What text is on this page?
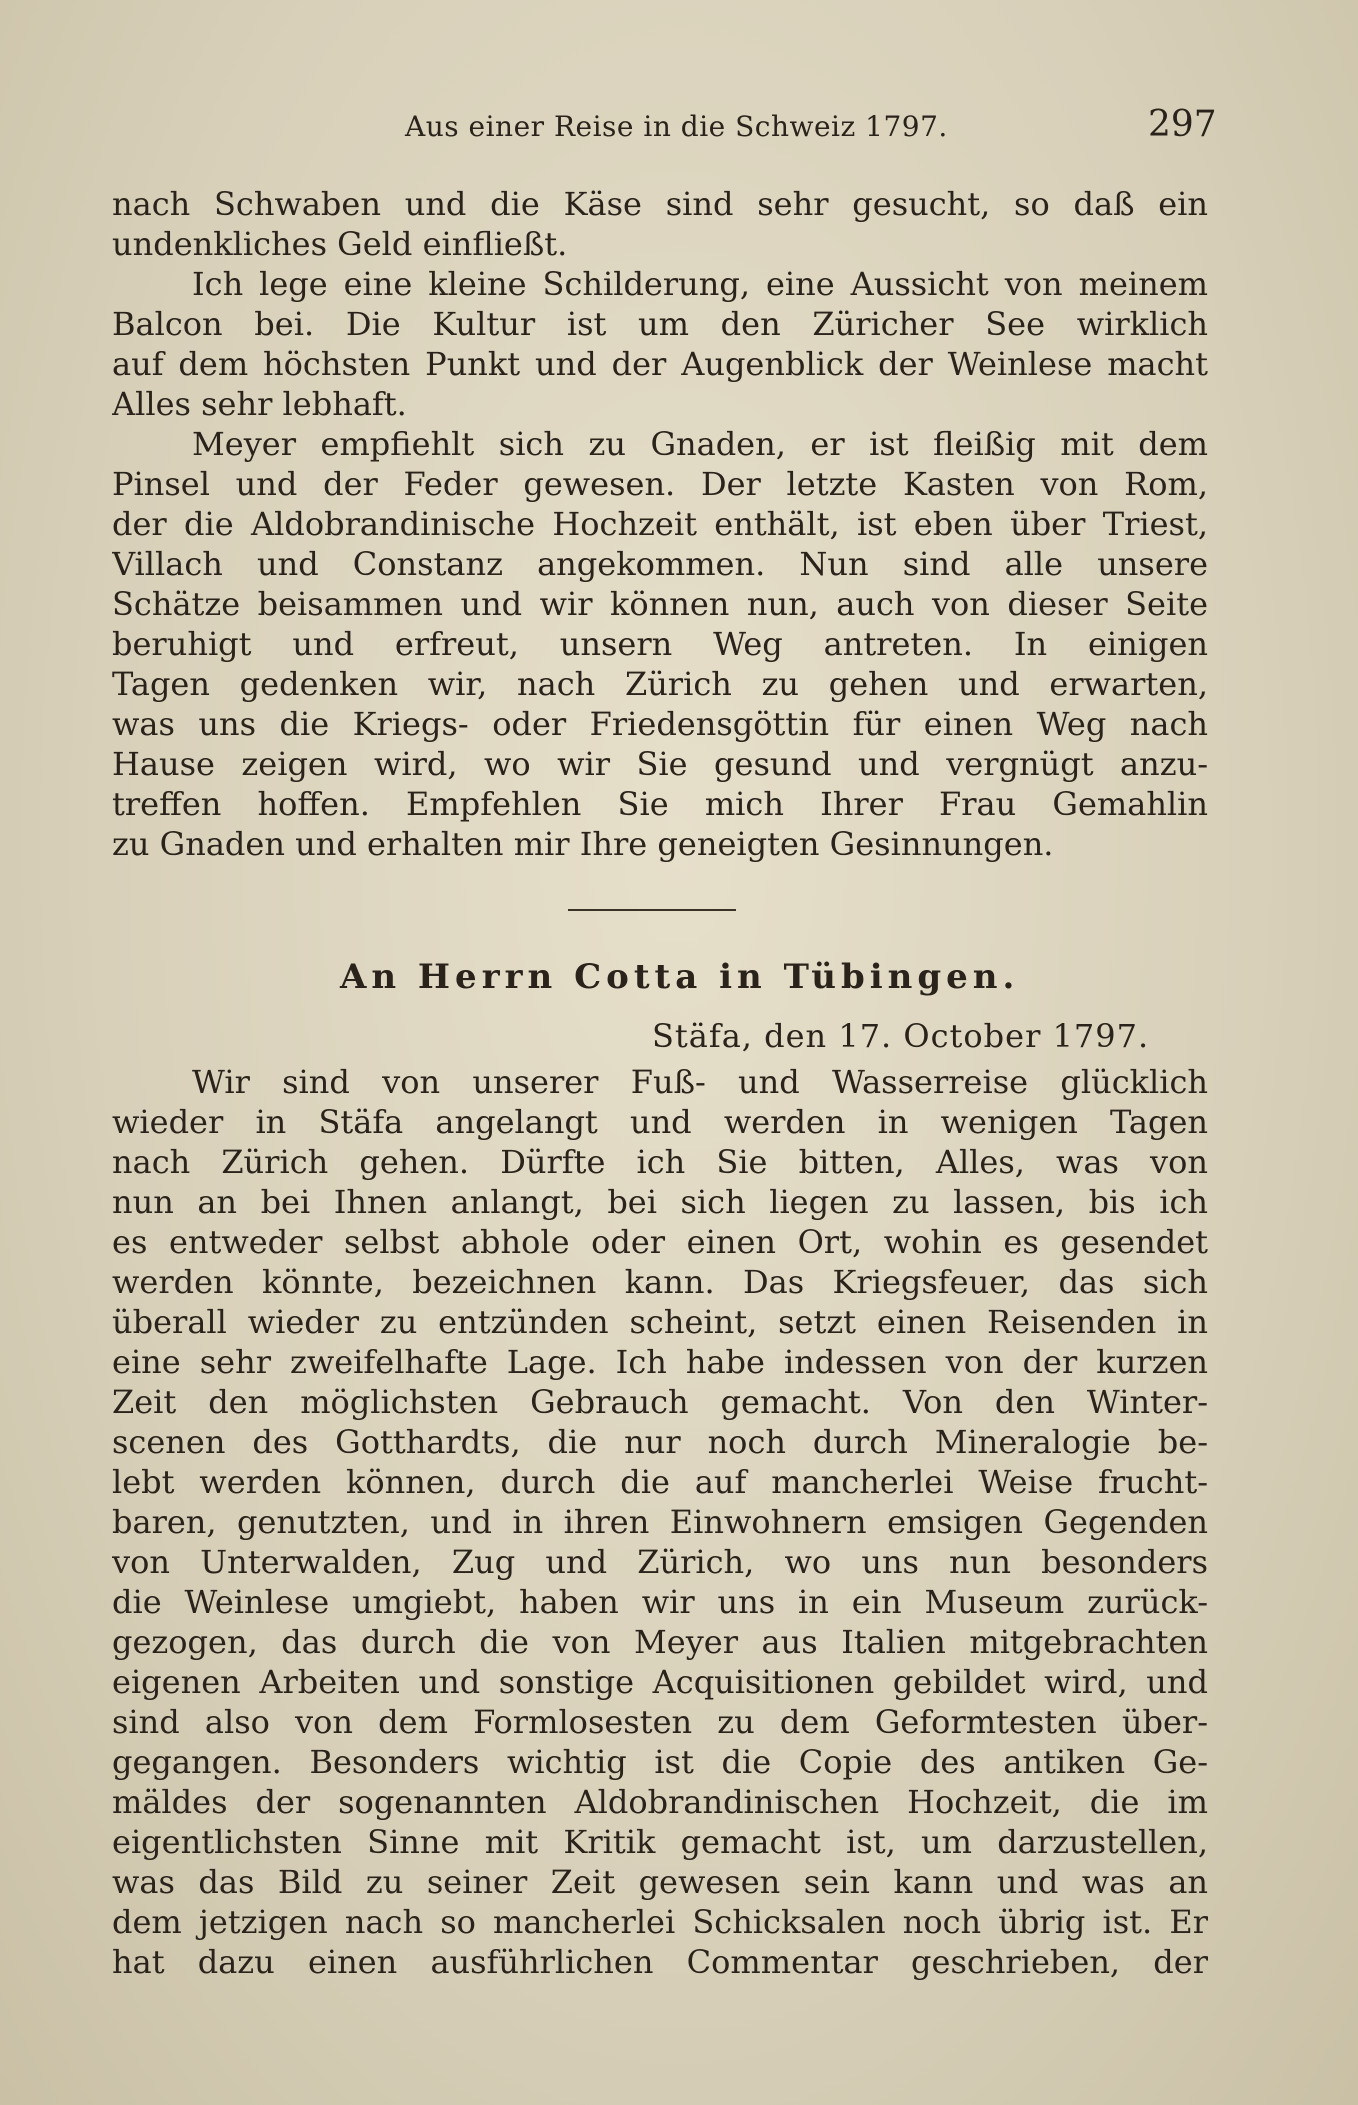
Aus einer Reise in die Schweiz 1797.	297
nach Schwaben und die Käse sind sehr gesucht, so daß ein
undenkliches Geld einfließt.
Ich lege eine kleine Schilderung, eine Aussicht von meinem
Balcon bei. Die Kultur ist um den Züricher See wirklich
auf dem höchsten Punkt und der Augenblick der Weinlese macht
Alles sehr lebhaft.
Meyer empfiehlt sich zu Gnaden, er ist fleißig mit dem
Pinsel und der Feder gewesen. Der letzte Kasten von Rom,
der die Aldobrandinische Hochzeit enthält, ist eben über Triest,
Villach und Constanz angekommen. Nun sind alle unsere
Schätze beisammen und wir können nun, auch von dieser Seite
beruhigt und erfreut, unsern Weg antreten. In einigen
Tagen gedenken wir, nach Zürich zu gehen und erwarten,
was uns die Kriegs- oder Friedensgöttin für einen Weg nach
Hause zeigen wird, wo wir Sie gesund und vergnügt anzu-
treffen hoffen. Empfehlen Sie mich Ihrer Frau Gemahlin
zu Gnaden und erhalten mir Ihre geneigten Gesinnungen.
An Herrn Cotta in Tübingen.
Stäfa, den 17. October 1797.
Wir sind von unserer Fuß- und Wasserreise glücklich
wieder in Stäfa angelangt und werden in wenigen Tagen
nach Zürich gehen. Dürfte ich Sie bitten, Alles, was von
nun an bei Ihnen anlangt, bei sich liegen zu lassen, bis ich
es entweder selbst abhole oder einen Ort, wohin es gesendet
werden könnte, bezeichnen kann. Das Kriegsfeuer, das sich
überall wieder zu entzünden scheint, setzt einen Reisenden in
eine sehr zweifelhafte Lage. Ich habe indessen von der kurzen
Zeit den möglichsten Gebrauch gemacht. Von den Winter-
scenen des Gotthardts, die nur noch durch Mineralogie be-
lebt werden können, durch die auf mancherlei Weise frucht-
baren, genutzten, und in ihren Einwohnern emsigen Gegenden
von Unterwalden, Zug und Zürich, wo uns nun besonders
die Weinlese umgiebt, haben wir uns in ein Museum zurück-
gezogen, das durch die von Meyer aus Italien mitgebrachten
eigenen Arbeiten und sonstige Acquisitionen gebildet wird, und
sind also von dem Formlosesten zu dem Geformtesten über-
gegangen. Besonders wichtig ist die Copie des antiken Ge-
mäldes der sogenannten Aldobrandinischen Hochzeit, die im
eigentlichsten Sinne mit Kritik gemacht ist, um darzustellen,
was das Bild zu seiner Zeit gewesen sein kann und was an
dem jetzigen nach so mancherlei Schicksalen noch übrig ist. Er
hat dazu einen ausführlichen Commentar geschrieben, der
